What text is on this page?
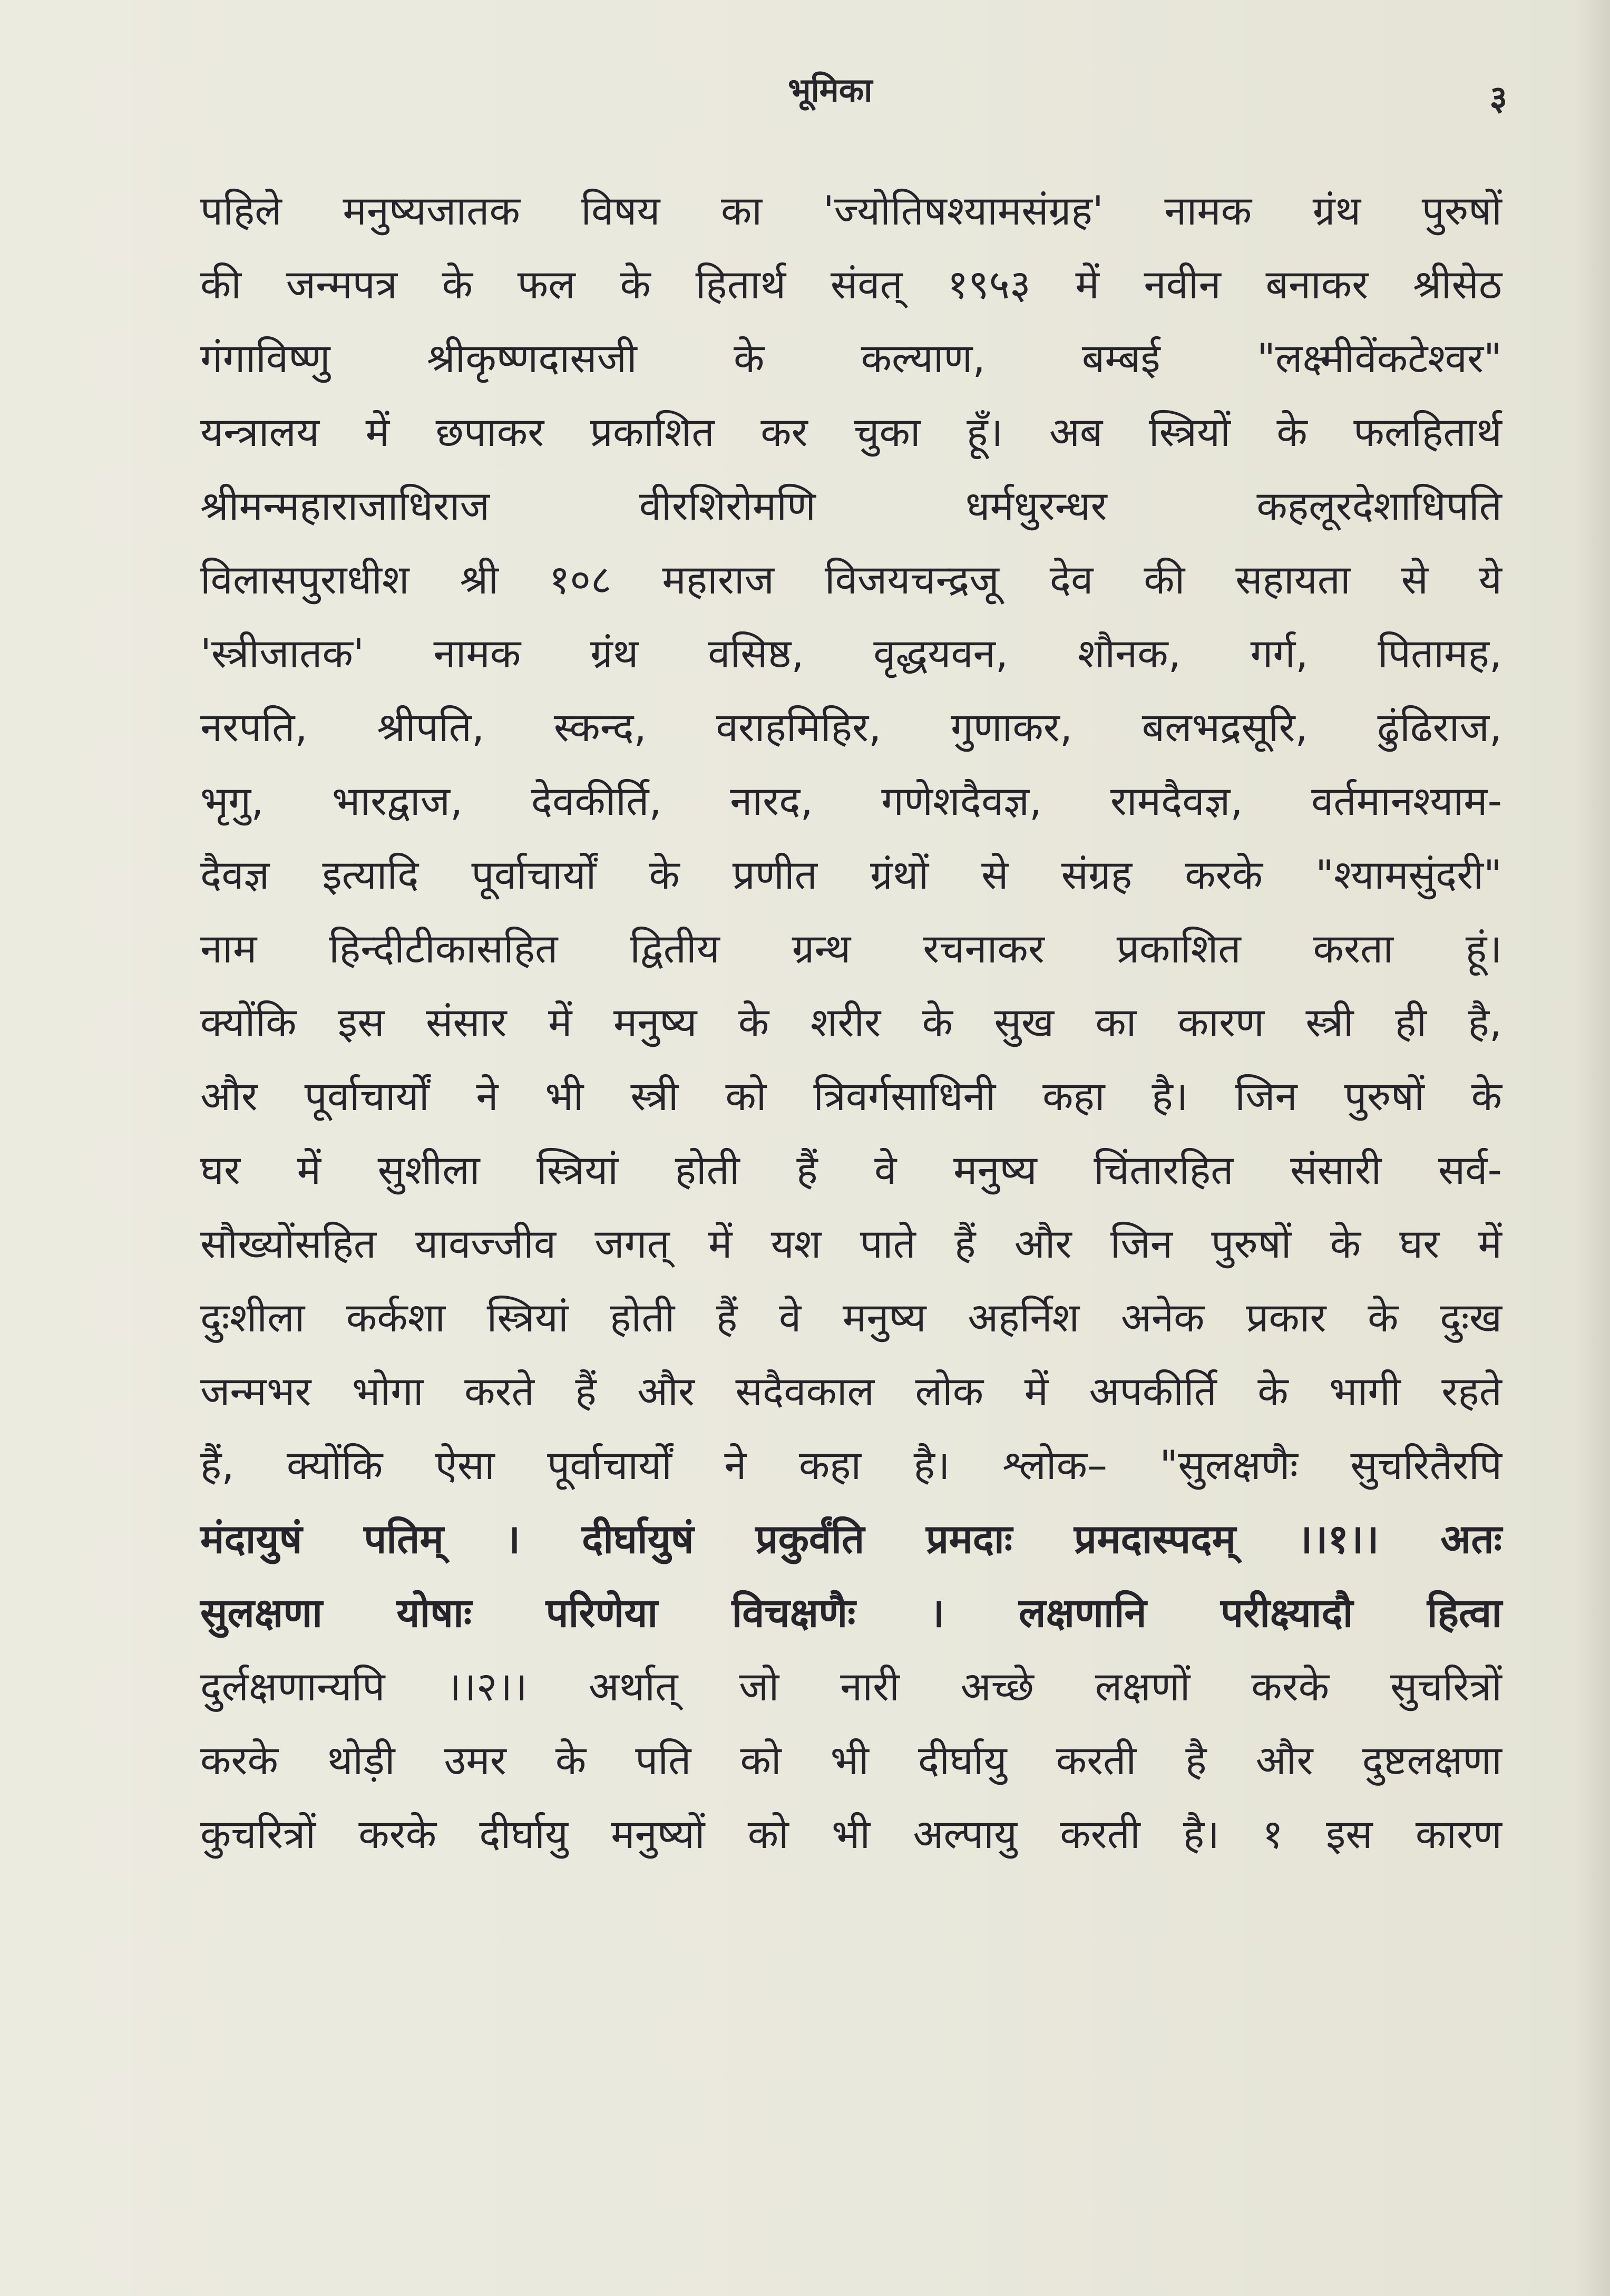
भूमिका	३
पहिले मनुष्यजातक विषय का 'ज्योतिषश्यामसंग्रह' नामक ग्रंथ पुरुषों
की जन्मपत्र के फल के हितार्थ संवत् १९५३ में नवीन बनाकर श्रीसेठ
गंगाविष्णु श्रीकृष्णदासजी के कल्याण, बम्बई "लक्ष्मीवेंकटेश्वर"
यन्त्रालय में छपाकर प्रकाशित कर चुका हूँ। अब स्त्रियों के फलहितार्थ
श्रीमन्महाराजाधिराज वीरशिरोमणि धर्मधुरन्धर कहलूरदेशाधिपति
विलासपुराधीश श्री १०८ महाराज विजयचन्द्रजू देव की सहायता से ये
'स्त्रीजातक' नामक ग्रंथ वसिष्ठ, वृद्धयवन, शौनक, गर्ग, पितामह,
नरपति, श्रीपति, स्कन्द, वराहमिहिर, गुणाकर, बलभद्रसूरि, ढुंढिराज,
भृगु, भारद्वाज, देवकीर्ति, नारद, गणेशदैवज्ञ, रामदैवज्ञ, वर्तमानश्याम-
दैवज्ञ इत्यादि पूर्वाचार्यों के प्रणीत ग्रंथों से संग्रह करके "श्यामसुंदरी"
नाम हिन्दीटीकासहित द्वितीय ग्रन्थ रचनाकर प्रकाशित करता हूं।
क्योंकि इस संसार में मनुष्य के शरीर के सुख का कारण स्त्री ही है,
और पूर्वाचार्यों ने भी स्त्री को त्रिवर्गसाधिनी कहा है। जिन पुरुषों के
घर में सुशीला स्त्रियां होती हैं वे मनुष्य चिंतारहित संसारी सर्व-
सौख्योंसहित यावज्जीव जगत् में यश पाते हैं और जिन पुरुषों के घर में
दुःशीला कर्कशा स्त्रियां होती हैं वे मनुष्य अहर्निश अनेक प्रकार के दुःख
जन्मभर भोगा करते हैं और सदैवकाल लोक में अपकीर्ति के भागी रहते
हैं, क्योंकि ऐसा पूर्वाचार्यों ने कहा है। श्लोक– "सुलक्षणैः सुचरितैरपि
मंदायुषं पतिम् । दीर्घायुषं प्रकुर्वंति प्रमदाः प्रमदास्पदम् ।।१।। अतः
सुलक्षणा योषाः परिणेया विचक्षणैः । लक्षणानि परीक्ष्यादौ हित्वा
दुर्लक्षणान्यपि ।।२।। अर्थात् जो नारी अच्छे लक्षणों करके सुचरित्रों
करके थोड़ी उमर के पति को भी दीर्घायु करती है और दुष्टलक्षणा
कुचरित्रों करके दीर्घायु मनुष्यों को भी अल्पायु करती है। १ इस कारण
